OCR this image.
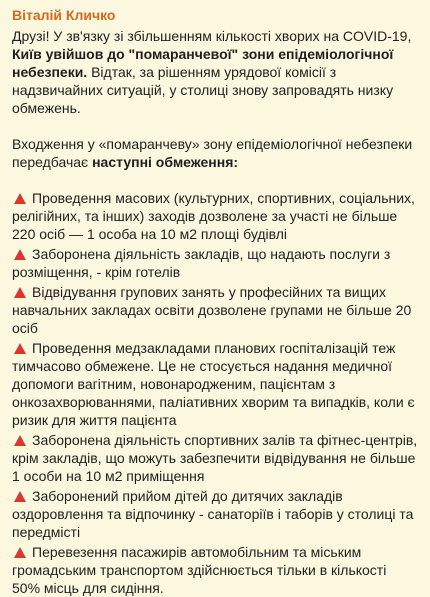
Віталій Кличко

Друзі! У зв'язку зі збільшенням кількості хворих на COVID-19, Київ увійшов до "помаранчевої" зони епідеміологічної небезпеки. Відтак, за рішенням урядової комісії з надзвичайних ситуацій, у столиці знову запровадять низку обмежень.

Входження у «помаранчеву» зону епідеміологічної небезпеки передбачає наступні обмеження:

Проведення масових (культурних, спортивних, соціальних, релігійних, та інших) заходів дозволене за участі не більше 220 осіб — 1 особа на 10 м2 площі будівлі

Заборонена діяльність закладів, що надають послуги з розміщення, - крім готелів

Відвідування групових занять у професійних та вищих навчальних закладах освіти дозволене групами не більше 20 осіб

Проведення медзакладами планових госпіталізацій теж тимчасово обмежене. Це не стосується надання медичної допомоги вагітним, новонародженим, пацієнтам з онкозахворюваннями, паліативних хворим та випадків, коли є ризик для життя пацієнта

Заборонена діяльність спортивних залів та фітнес-центрів, крім закладів, що можуть забезпечити відвідування не більше 1 особи на 10 м2 приміщення

Заборонений прийом дітей до дитячих закладів оздоровлення та відпочинку - санаторіїв і таборів у столиці та передмісті

Перевезення пасажирів автомобільним та міським громадським транспортом здійснюється тільки в кількості 50% місць для сидіння.
